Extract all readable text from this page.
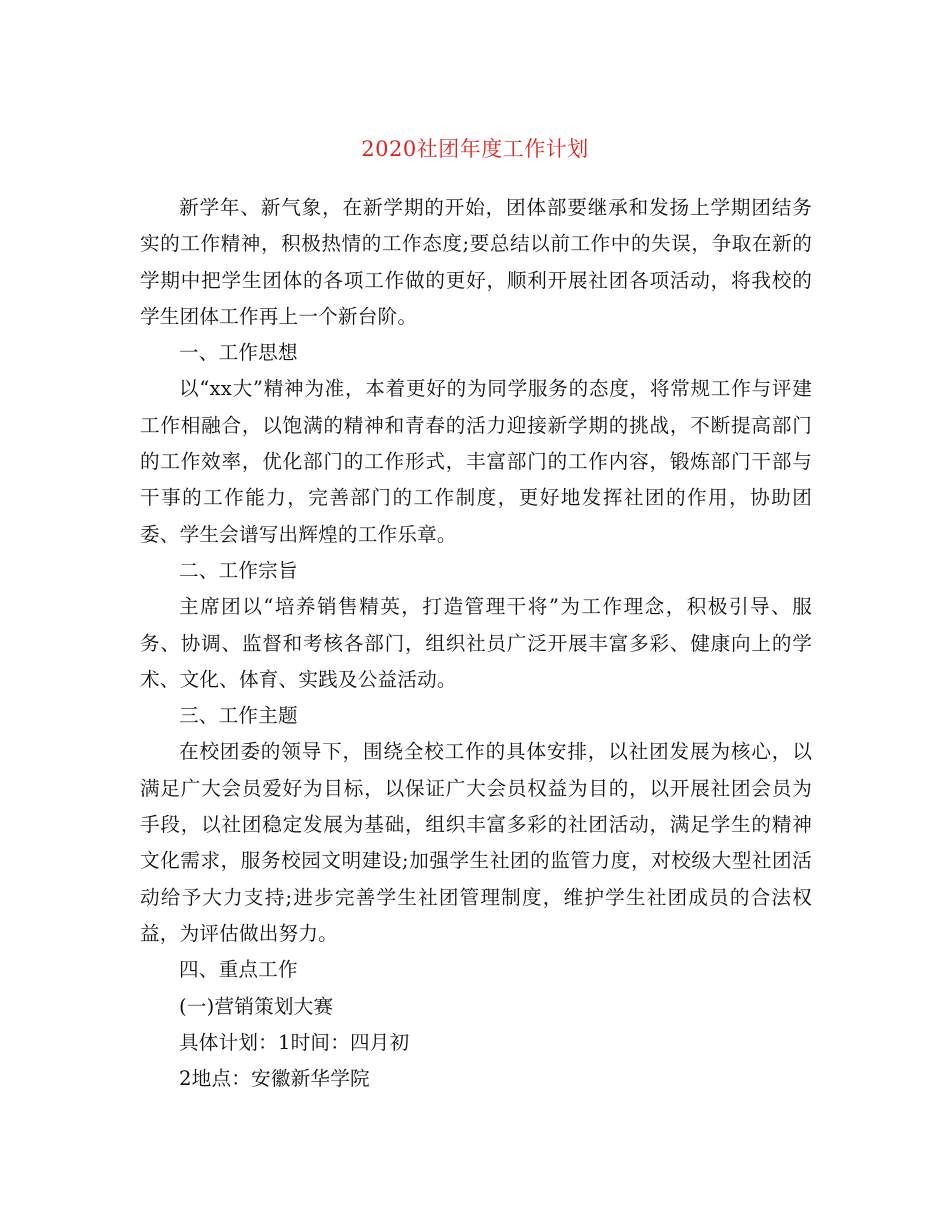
2020社团年度工作计划

新学年、新气象，在新学期的开始，团体部要继承和发扬上学期团结务实的工作精神，积极热情的工作态度;要总结以前工作中的失误，争取在新的学期中把学生团体的各项工作做的更好，顺利开展社团各项活动，将我校的学生团体工作再上一个新台阶。

一、工作思想

以“xx大”精神为准，本着更好的为同学服务的态度，将常规工作与评建工作相融合，以饱满的精神和青春的活力迎接新学期的挑战，不断提高部门的工作效率，优化部门的工作形式，丰富部门的工作内容，锻炼部门干部与干事的工作能力，完善部门的工作制度，更好地发挥社团的作用，协助团委、学生会谱写出辉煌的工作乐章。

二、工作宗旨

主席团以“培养销售精英，打造管理干将”为工作理念，积极引导、服务、协调、监督和考核各部门，组织社员广泛开展丰富多彩、健康向上的学术、文化、体育、实践及公益活动。

三、工作主题

在校团委的领导下，围绕全校工作的具体安排，以社团发展为核心，以满足广大会员爱好为目标，以保证广大会员权益为目的，以开展社团会员为手段，以社团稳定发展为基础，组织丰富多彩的社团活动，满足学生的精神文化需求，服务校园文明建设;加强学生社团的监管力度，对校级大型社团活动给予大力支持;进步完善学生社团管理制度，维护学生社团成员的合法权益，为评估做出努力。

四、重点工作

(一)营销策划大赛

具体计划：1时间：四月初

2地点：安徽新华学院
